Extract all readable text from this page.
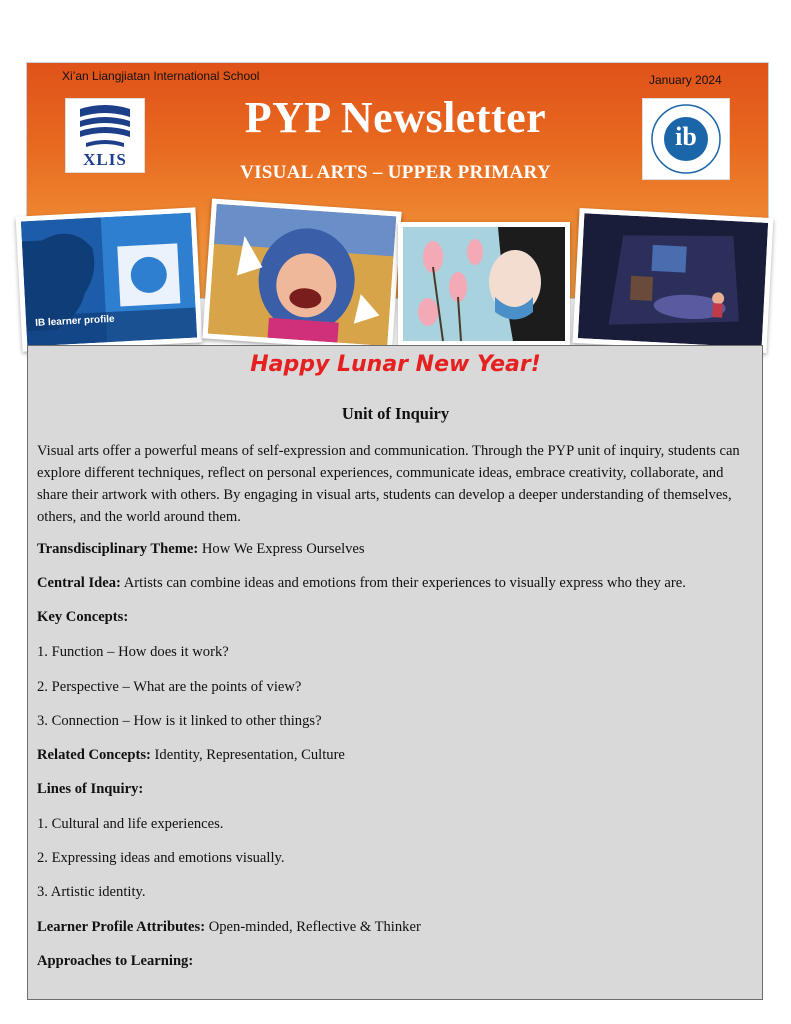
Xi’an Liangjiatan International School	January 2024
PYP Newsletter
VISUAL ARTS – UPPER PRIMARY
XLIS
ib
IB learner profile
Happy Lunar New Year!
Unit of Inquiry
Visual arts offer a powerful means of self-expression and communication. Through the PYP unit of inquiry, students can explore different techniques, reflect on personal experiences, communicate ideas, embrace creativity, collaborate, and share their artwork with others. By engaging in visual arts, students can develop a deeper understanding of themselves, others, and the world around them.
Transdisciplinary Theme: How We Express Ourselves
Central Idea: Artists can combine ideas and emotions from their experiences to visually express who they are.
Key Concepts:
1. Function – How does it work?
2. Perspective – What are the points of view?
3. Connection – How is it linked to other things?
Related Concepts: Identity, Representation, Culture
Lines of Inquiry:
1. Cultural and life experiences.
2. Expressing ideas and emotions visually.
3. Artistic identity.
Learner Profile Attributes: Open-minded, Reflective & Thinker
Approaches to Learning:
